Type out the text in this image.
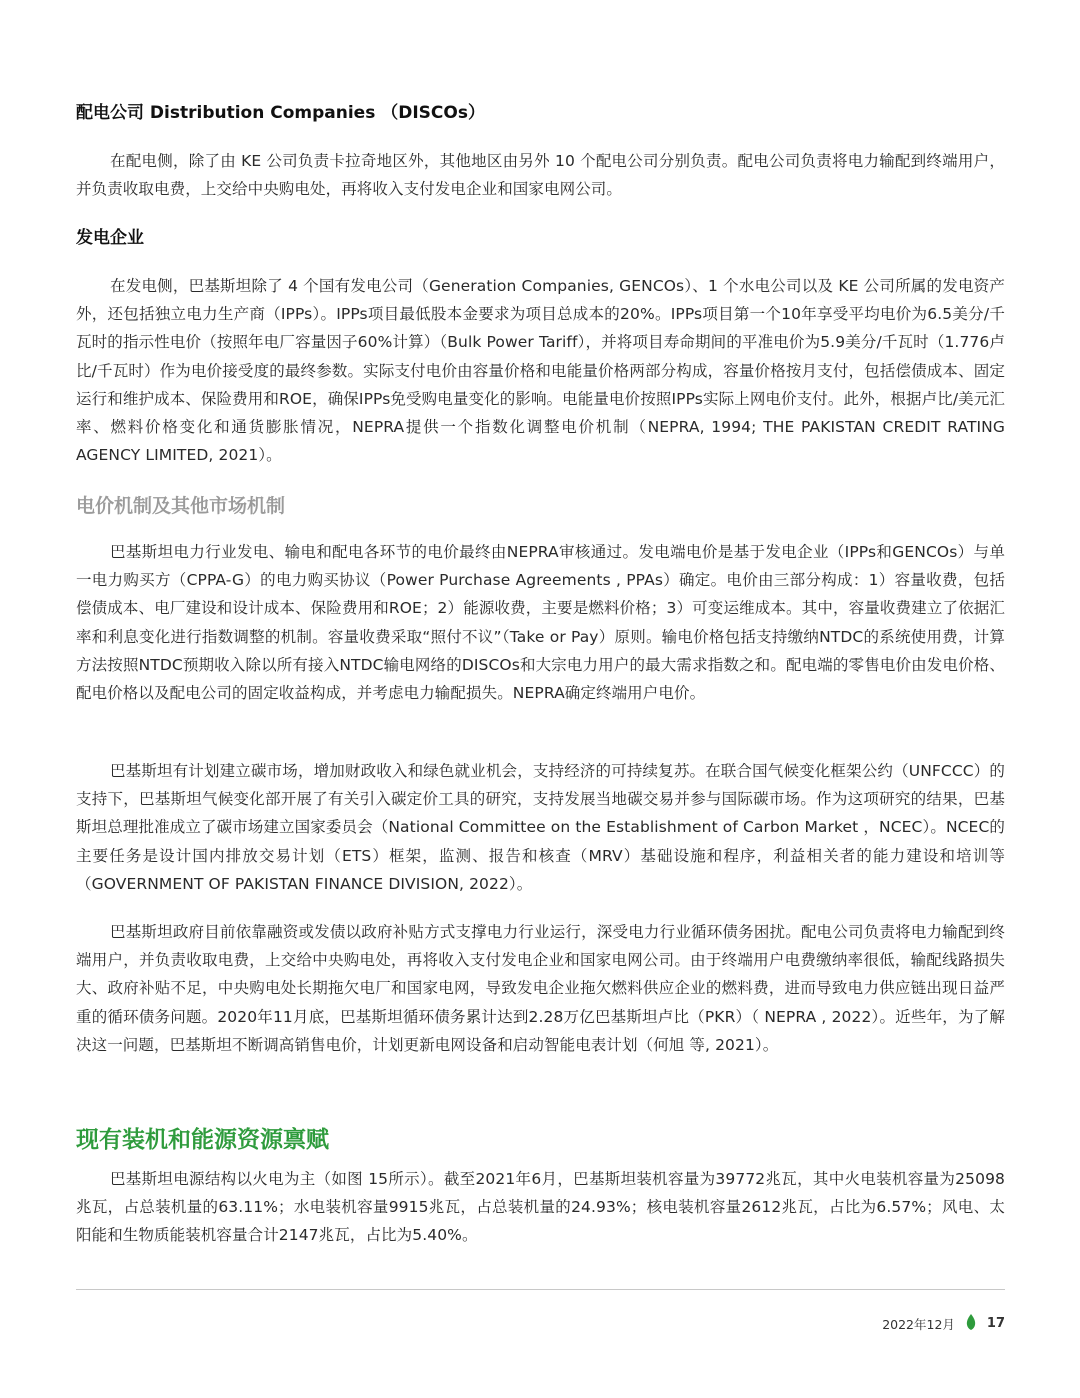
配电公司 Distribution Companies （DISCOs）

在配电侧，除了由 KE 公司负责卡拉奇地区外，其他地区由另外 10 个配电公司分别负责。配电公司负责将电力输配到终端用户，并负责收取电费，上交给中央购电处，再将收入支付发电企业和国家电网公司。

发电企业

在发电侧，巴基斯坦除了 4 个国有发电公司（Generation Companies, GENCOs）、1 个水电公司以及 KE 公司所属的发电资产外，还包括独立电力生产商（IPPs）。IPPs项目最低股本金要求为项目总成本的20%。IPPs项目第一个10年享受平均电价为6.5美分/千瓦时的指示性电价（按照年电厂容量因子60%计算）（Bulk Power Tariff），并将项目寿命期间的平准电价为5.9美分/千瓦时（1.776卢比/千瓦时）作为电价接受度的最终参数。实际支付电价由容量价格和电能量价格两部分构成，容量价格按月支付，包括偿债成本、固定运行和维护成本、保险费用和ROE，确保IPPs免受购电量变化的影响。电能量电价按照IPPs实际上网电价支付。此外，根据卢比/美元汇率、燃料价格变化和通货膨胀情况，NEPRA提供一个指数化调整电价机制（NEPRA, 1994; THE PAKISTAN CREDIT RATING AGENCY LIMITED, 2021）。

电价机制及其他市场机制

巴基斯坦电力行业发电、输电和配电各环节的电价最终由NEPRA审核通过。发电端电价是基于发电企业（IPPs和GENCOs）与单一电力购买方（CPPA-G）的电力购买协议（Power Purchase Agreements , PPAs）确定。电价由三部分构成：1）容量收费，包括偿债成本、电厂建设和设计成本、保险费用和ROE；2）能源收费，主要是燃料价格；3）可变运维成本。其中，容量收费建立了依据汇率和利息变化进行指数调整的机制。容量收费采取“照付不议”（Take or Pay）原则。输电价格包括支持缴纳NTDC的系统使用费，计算方法按照NTDC预期收入除以所有接入NTDC输电网络的DISCOs和大宗电力用户的最大需求指数之和。配电端的零售电价由发电价格、配电价格以及配电公司的固定收益构成，并考虑电力输配损失。NEPRA确定终端用户电价。

巴基斯坦有计划建立碳市场，增加财政收入和绿色就业机会，支持经济的可持续复苏。在联合国气候变化框架公约（UNFCCC）的支持下，巴基斯坦气候变化部开展了有关引入碳定价工具的研究，支持发展当地碳交易并参与国际碳市场。作为这项研究的结果，巴基斯坦总理批准成立了碳市场建立国家委员会（National Committee on the Establishment of Carbon Market ，NCEC）。NCEC的主要任务是设计国内排放交易计划（ETS）框架，监测、报告和核查（MRV）基础设施和程序，利益相关者的能力建设和培训等（GOVERNMENT OF PAKISTAN FINANCE DIVISION, 2022）。

巴基斯坦政府目前依靠融资或发债以政府补贴方式支撑电力行业运行，深受电力行业循环债务困扰。配电公司负责将电力输配到终端用户，并负责收取电费，上交给中央购电处，再将收入支付发电企业和国家电网公司。由于终端用户电费缴纳率很低，输配线路损失大、政府补贴不足，中央购电处长期拖欠电厂和国家电网，导致发电企业拖欠燃料供应企业的燃料费，进而导致电力供应链出现日益严重的循环债务问题。2020年11月底，巴基斯坦循环债务累计达到2.28万亿巴基斯坦卢比（PKR）（ NEPRA , 2022）。近些年，为了解决这一问题，巴基斯坦不断调高销售电价，计划更新电网设备和启动智能电表计划（何旭 等, 2021）。

现有装机和能源资源禀赋

巴基斯坦电源结构以火电为主（如图 15所示）。截至2021年6月，巴基斯坦装机容量为39772兆瓦，其中火电装机容量为25098兆瓦，占总装机量的63.11%；水电装机容量9915兆瓦，占总装机量的24.93%；核电装机容量2612兆瓦，占比为6.57%；风电、太阳能和生物质能装机容量合计2147兆瓦，占比为5.40%。

2022年12月 17
